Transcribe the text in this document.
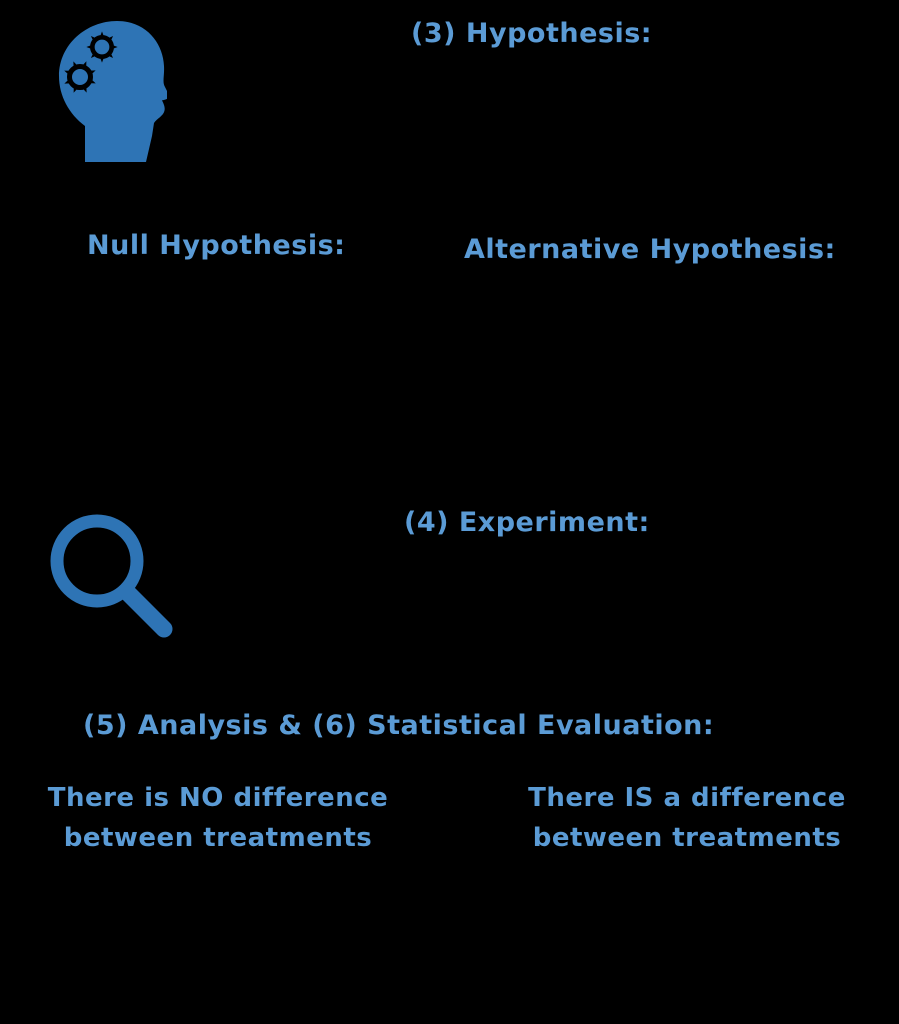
(3) Hypothesis:
Null Hypothesis:	Alternative Hypothesis:
(4) Experiment:
(5) Analysis & (6) Statistical Evaluation:
There is NO difference
between treatments
There IS a difference
between treatments
